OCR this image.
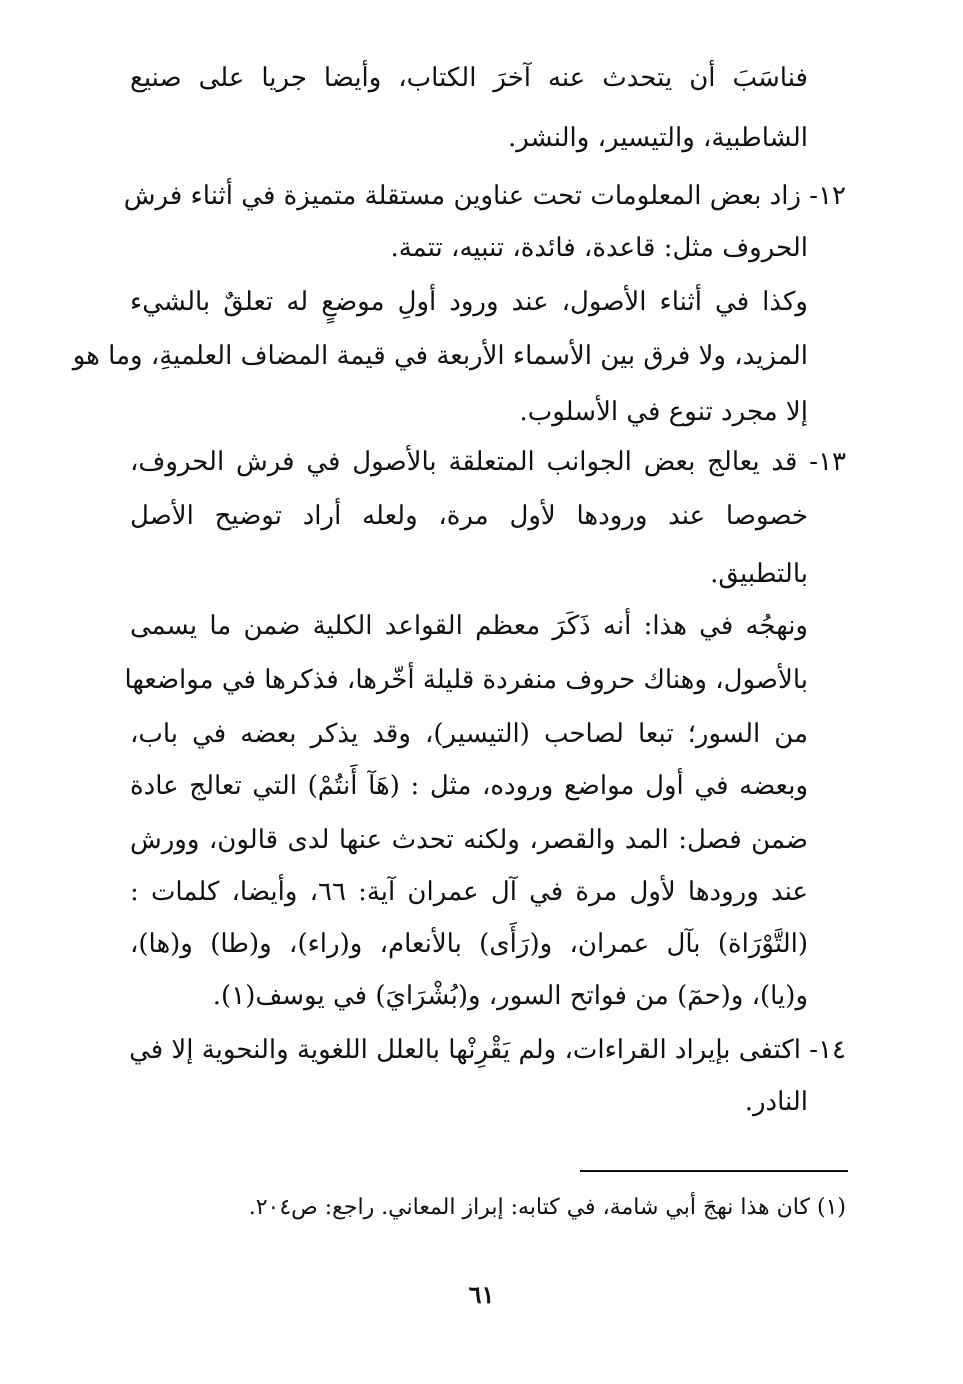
فناسَبَ أن يتحدث عنه آخرَ الكتاب، وأيضا جريا على صنيع
الشاطبية، والتيسير، والنشر.
١٢- زاد بعض المعلومات تحت عناوين مستقلة متميزة في أثناء فرش
الحروف مثل: قاعدة، فائدة، تنبيه، تتمة.
وكذا في أثناء الأصول، عند ورود أولِ موضعٍ له تعلقٌ بالشيء
المزيد، ولا فرق بين الأسماء الأربعة في قيمة المضاف العلميةِ، وما هو
إلا مجرد تنوع في الأسلوب.
١٣- قد يعالج بعض الجوانب المتعلقة بالأصول في فرش الحروف،
خصوصا عند ورودها لأول مرة، ولعله أراد توضيح الأصل
بالتطبيق.
ونهجُه في هذا: أنه ذَكَرَ معظم القواعد الكلية ضمن ما يسمى
بالأصول، وهناك حروف منفردة قليلة أخّرها، فذكرها في مواضعها
من السور؛ تبعا لصاحب (التيسير)، وقد يذكر بعضه في باب،
وبعضه في أول مواضع وروده، مثل : (هَآ أَنتُمْ) التي تعالج عادة
ضمن فصل: المد والقصر، ولكنه تحدث عنها لدى قالون، وورش
عند ورودها لأول مرة في آل عمران آية: ٦٦، وأيضا، كلمات :
(التَّوْرَاة) بآل عمران، و(رَأَى) بالأنعام، و(راء)، و(طا) و(ها)،
و(يا)، و(حمٓ) من فواتح السور، و(بُشْرَايَ) في يوسف(١).
١٤- اكتفى بإيراد القراءات، ولم يَقْرِنْها بالعلل اللغوية والنحوية إلا في
النادر.
(١) كان هذا نهجَ أبي شامة، في كتابه: إبراز المعاني. راجع: ص٢٠٤.
٦١
